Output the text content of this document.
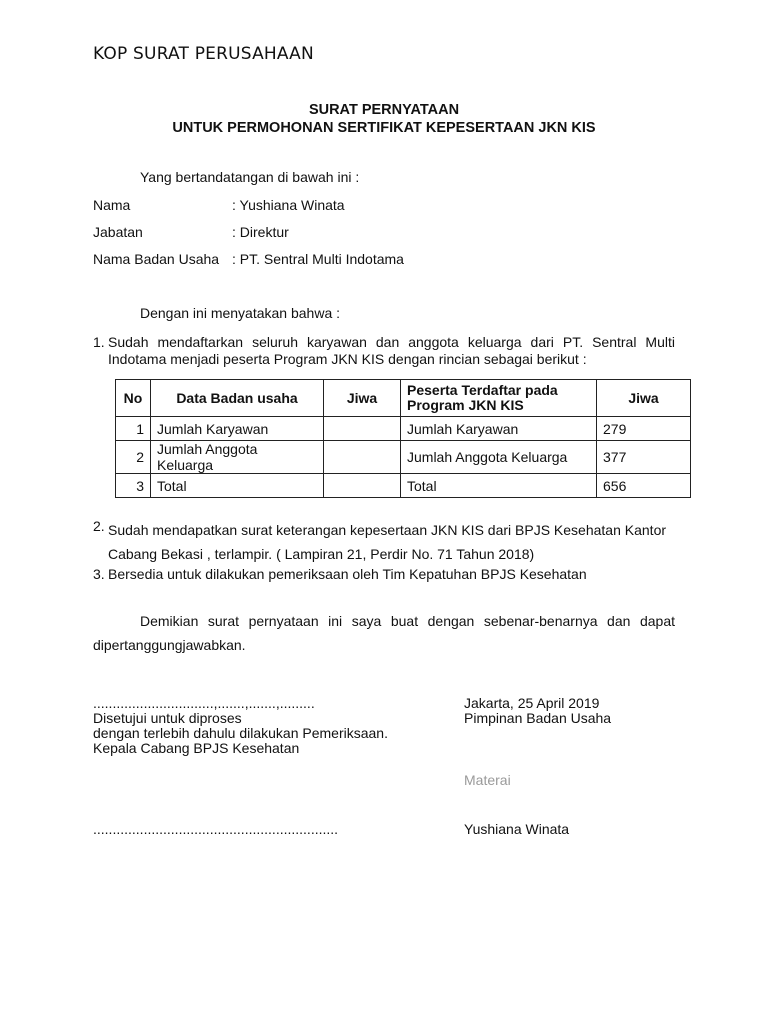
KOP SURAT PERUSAHAAN
SURAT PERNYATAAN
UNTUK PERMOHONAN SERTIFIKAT KEPESERTAAN JKN KIS
Yang bertandatangan di bawah ini :
Nama	: Yushiana Winata
Jabatan	: Direktur
Nama Badan Usaha : PT. Sentral Multi Indotama
Dengan ini menyatakan bahwa :
1. Sudah mendaftarkan seluruh karyawan dan anggota keluarga dari PT. Sentral Multi
Indotama menjadi peserta Program JKN KIS dengan rincian sebagai berikut :
No	Data Badan usaha	Jiwa	Peserta Terdaftar pada
Program JKN KIS	Jiwa
1	Jumlah Karyawan		Jumlah Karyawan	279
2	Jumlah Anggota Keluarga		Jumlah Anggota Keluarga	377
3	Total		Total	656
2. Sudah mendapatkan surat keterangan kepesertaan JKN KIS dari BPJS Kesehatan Kantor
Cabang Bekasi , terlampir. ( Lampiran 21, Perdir No. 71 Tahun 2018)
3. Bersedia untuk dilakukan pemeriksaan oleh Tim Kepatuhan BPJS Kesehatan
Demikian surat pernyataan ini saya buat dengan sebenar-benarnya dan dapat
dipertanggungjawabkan.
...............................,.......,.......,.........
Disetujui untuk diproses
dengan terlebih dahulu dilakukan Pemeriksaan.
Kepala Cabang BPJS Kesehatan
Jakarta, 25 April 2019
Pimpinan Badan Usaha
Materai
...............................................................	Yushiana Winata
